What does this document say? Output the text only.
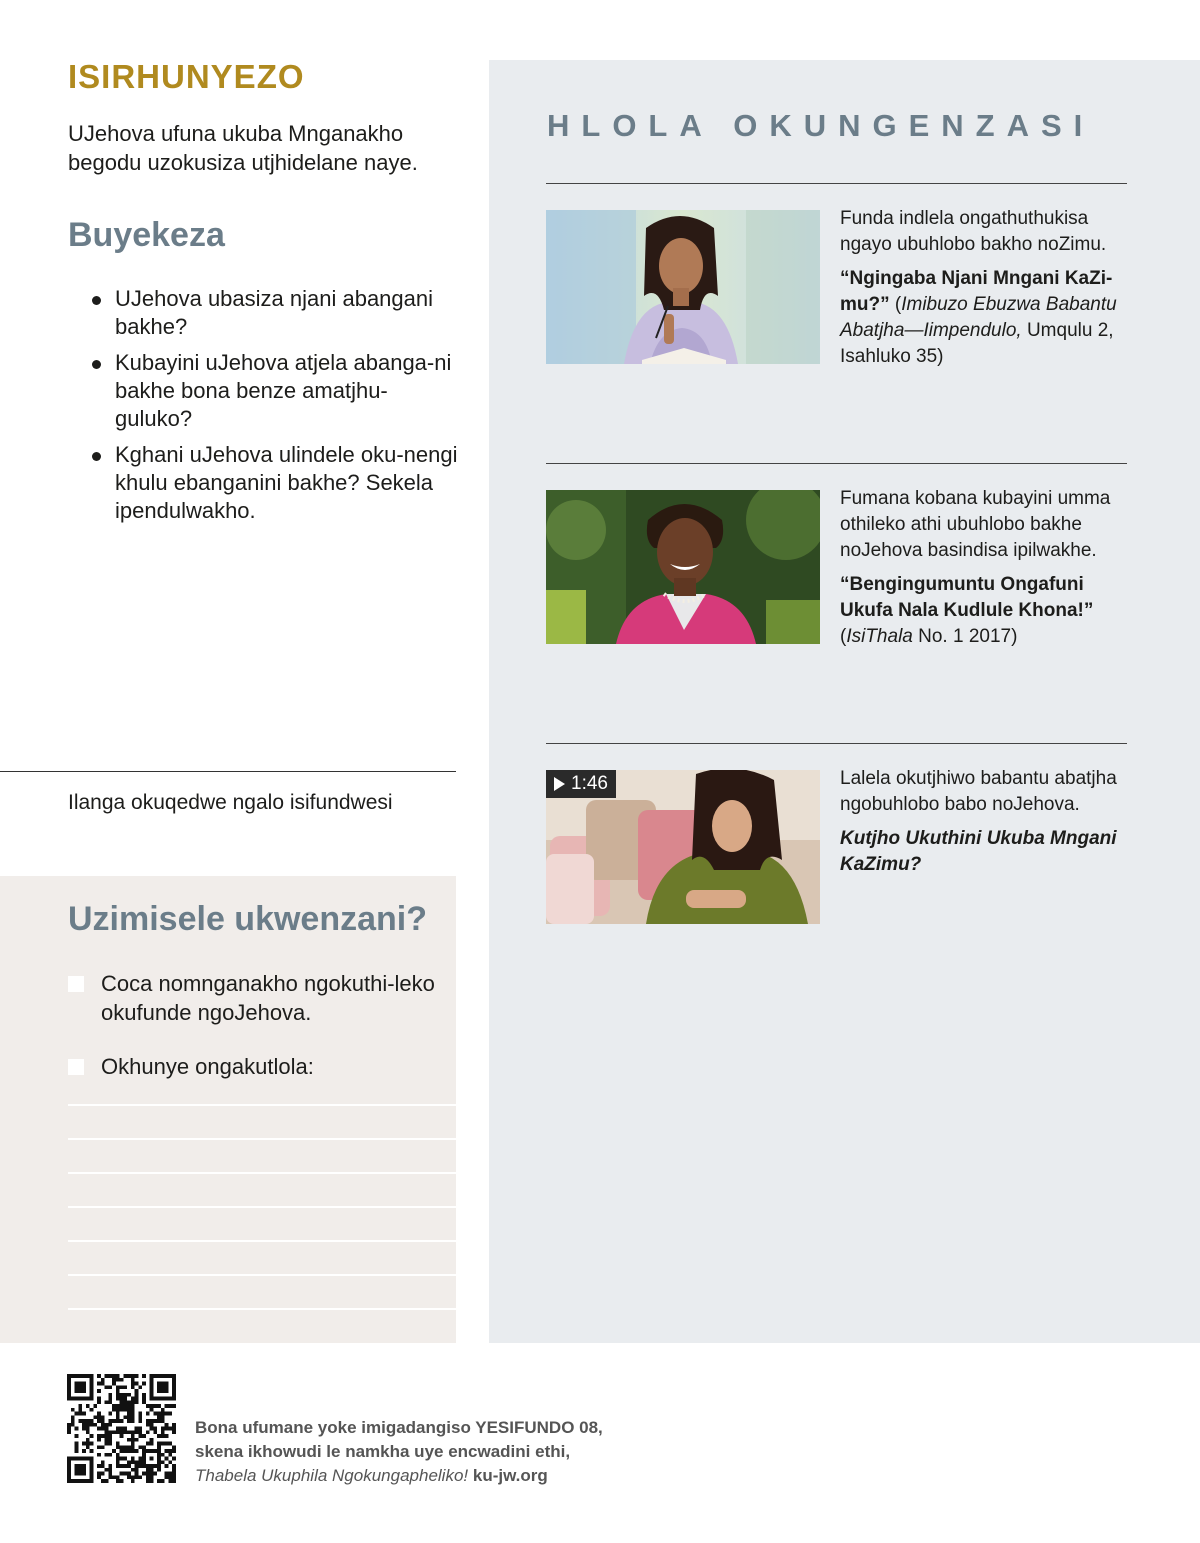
ISIRHUNYEZO
UJehova ufuna ukuba Mnganakho begodu uzokusiza utjhidelane naye.
Buyekeza
UJehova ubasiza njani abangani bakhe?
Kubayini uJehova atjela abanga-ni bakhe bona benze amatjhu-guluko?
Kghani uJehova ulindele oku-nengi khulu ebanganini bakhe? Sekela ipendulwakho.
Ilanga okuqedwe ngalo isifundwesi
Uzimisele ukwenzani?
Coca nomnganakho ngokuthi-leko okufunde ngoJehova.
Okhunye ongakutlola:
HLOLA OKUNGENZASI
Funda indlela ongathuthukisa ngayo ubuhlobo bakho noZimu.
“Ngingaba Njani Mngani KaZi-mu?” (Imibuzo Ebuzwa Babantu Abatjha—Iimpendulo, Umqulu 2, Isahluko 35)
Fumana kobana kubayini umma othileko athi ubuhlobo bakhe noJehova basindisa ipilwakhe.
“Bengingumuntu Ongafuni Ukufa Nala Kudlule Khona!”
(IsiThala No. 1 2017)
1:46	Lalela okutjhiwo babantu abatjha ngobuhlobo babo noJehova.
Kutjho Ukuthini Ukuba Mngani KaZimu?
Bona ufumane yoke imigadangiso YESIFUNDO 08,
skena ikhowudi le namkha uye encwadini ethi,
Thabela Ukuphila Ngokungapheliko! ku-jw.org
